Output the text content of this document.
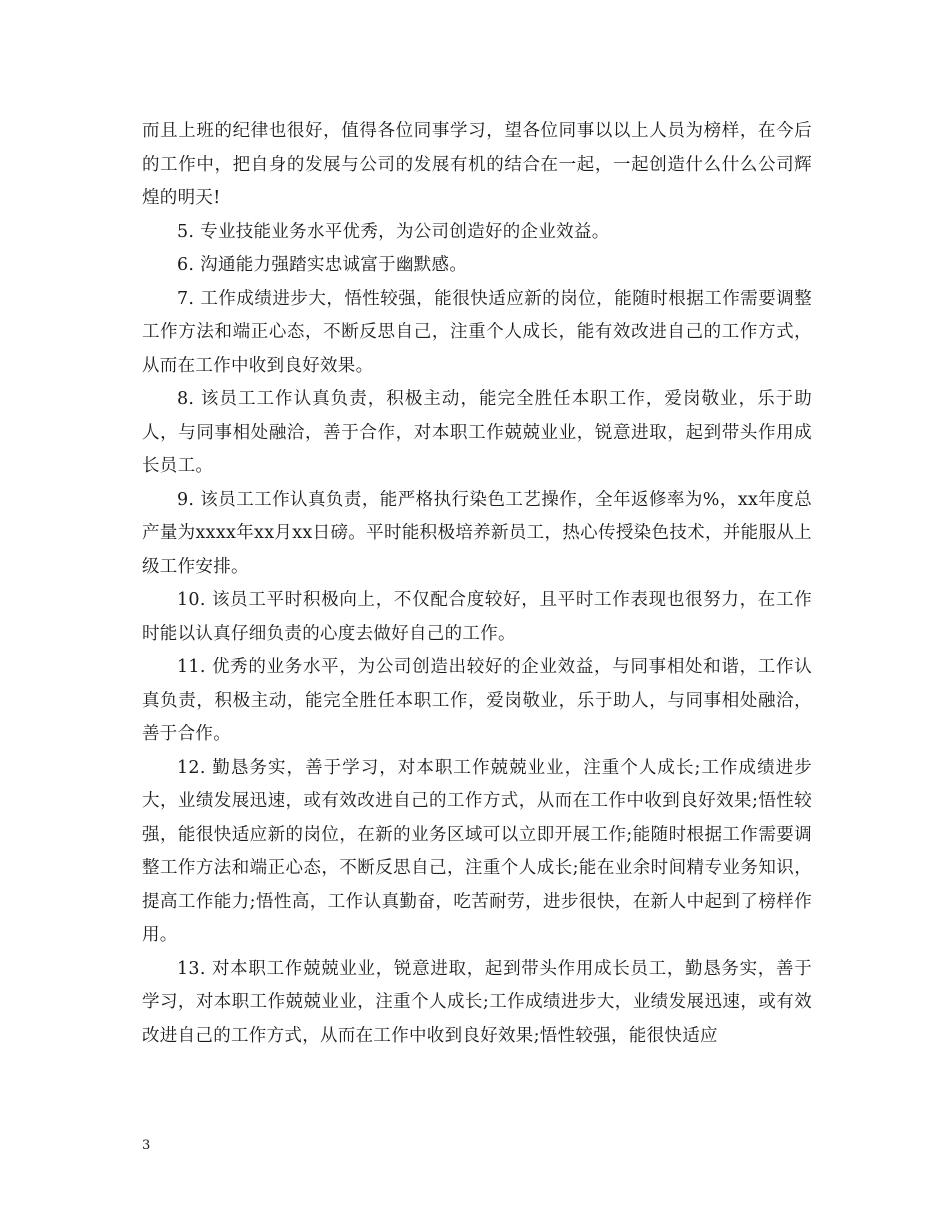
而且上班的纪律也很好，值得各位同事学习，望各位同事以以上人员为榜样，在今后的工作中，把自身的发展与公司的发展有机的结合在一起，一起创造什么什么公司辉煌的明天!

5. 专业技能业务水平优秀，为公司创造好的企业效益。

6. 沟通能力强踏实忠诚富于幽默感。

7. 工作成绩进步大，悟性较强，能很快适应新的岗位，能随时根据工作需要调整工作方法和端正心态，不断反思自己，注重个人成长，能有效改进自己的工作方式，从而在工作中收到良好效果。

8. 该员工工作认真负责，积极主动，能完全胜任本职工作，爱岗敬业，乐于助人，与同事相处融洽，善于合作，对本职工作兢兢业业，锐意进取，起到带头作用成长员工。

9. 该员工工作认真负责，能严格执行染色工艺操作，全年返修率为%，xx年度总产量为xxxx年xx月xx日磅。平时能积极培养新员工，热心传授染色技术，并能服从上级工作安排。

10. 该员工平时积极向上，不仅配合度较好，且平时工作表现也很努力，在工作时能以认真仔细负责的心度去做好自己的工作。

11. 优秀的业务水平，为公司创造出较好的企业效益，与同事相处和谐，工作认真负责，积极主动，能完全胜任本职工作，爱岗敬业，乐于助人，与同事相处融洽，善于合作。

12. 勤恳务实，善于学习，对本职工作兢兢业业，注重个人成长;工作成绩进步大，业绩发展迅速，或有效改进自己的工作方式，从而在工作中收到良好效果;悟性较强，能很快适应新的岗位，在新的业务区域可以立即开展工作;能随时根据工作需要调整工作方法和端正心态，不断反思自己，注重个人成长;能在业余时间精专业务知识，提高工作能力;悟性高，工作认真勤奋，吃苦耐劳，进步很快，在新人中起到了榜样作用。

13. 对本职工作兢兢业业，锐意进取，起到带头作用成长员工，勤恳务实，善于学习，对本职工作兢兢业业，注重个人成长;工作成绩进步大，业绩发展迅速，或有效改进自己的工作方式，从而在工作中收到良好效果;悟性较强，能很快适应

3
